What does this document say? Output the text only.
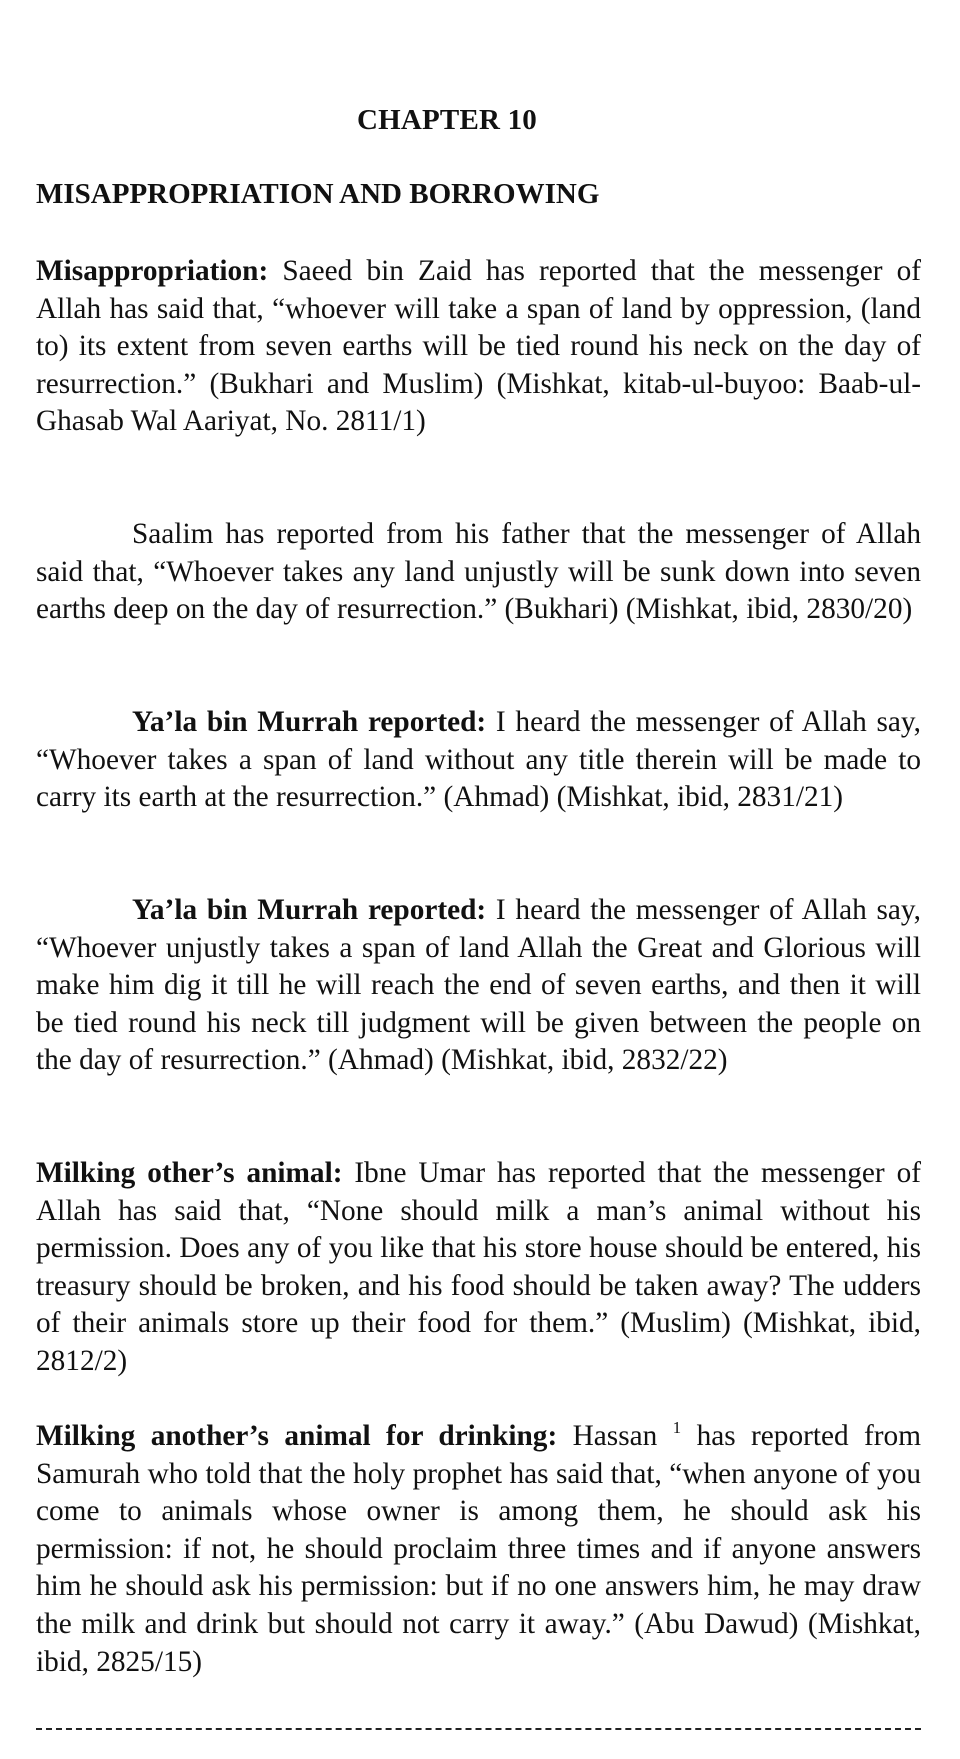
CHAPTER 10
MISAPPROPRIATION AND BORROWING

Misappropriation: Saeed bin Zaid has reported that the messenger of Allah has said that, “whoever will take a span of land by oppression, (land to) its extent from seven earths will be tied round his neck on the day of resurrection.” (Bukhari and Muslim) (Mishkat, kitab-ul-buyoo: Baab-ul-Ghasab Wal Aariyat, No. 2811/1)

Saalim has reported from his father that the messenger of Allah said that, “Whoever takes any land unjustly will be sunk down into seven earths deep on the day of resurrection.” (Bukhari) (Mishkat, ibid, 2830/20)

Ya’la bin Murrah reported: I heard the messenger of Allah say, “Whoever takes a span of land without any title therein will be made to carry its earth at the resurrection.” (Ahmad) (Mishkat, ibid, 2831/21)

Ya’la bin Murrah reported: I heard the messenger of Allah say, “Whoever unjustly takes a span of land Allah the Great and Glorious will make him dig it till he will reach the end of seven earths, and then it will be tied round his neck till judgment will be given between the people on the day of resurrection.” (Ahmad) (Mishkat, ibid, 2832/22)

Milking other’s animal: Ibne Umar has reported that the messenger of Allah has said that, “None should milk a man’s animal without his permission. Does any of you like that his store house should be entered, his treasury should be broken, and his food should be taken away? The udders of their animals store up their food for them.” (Muslim) (Mishkat, ibid, 2812/2)

Milking another’s animal for drinking: Hassan $^1$ has reported from Samurah who told that the holy prophet has said that, “when anyone of you come to animals whose owner is among them, he should ask his permission: if not, he should proclaim three times and if anyone answers him he should ask his permission: but if no one answers him, he may draw the milk and drink but should not carry it away.” (Abu Dawud) (Mishkat, ibid, 2825/15)
